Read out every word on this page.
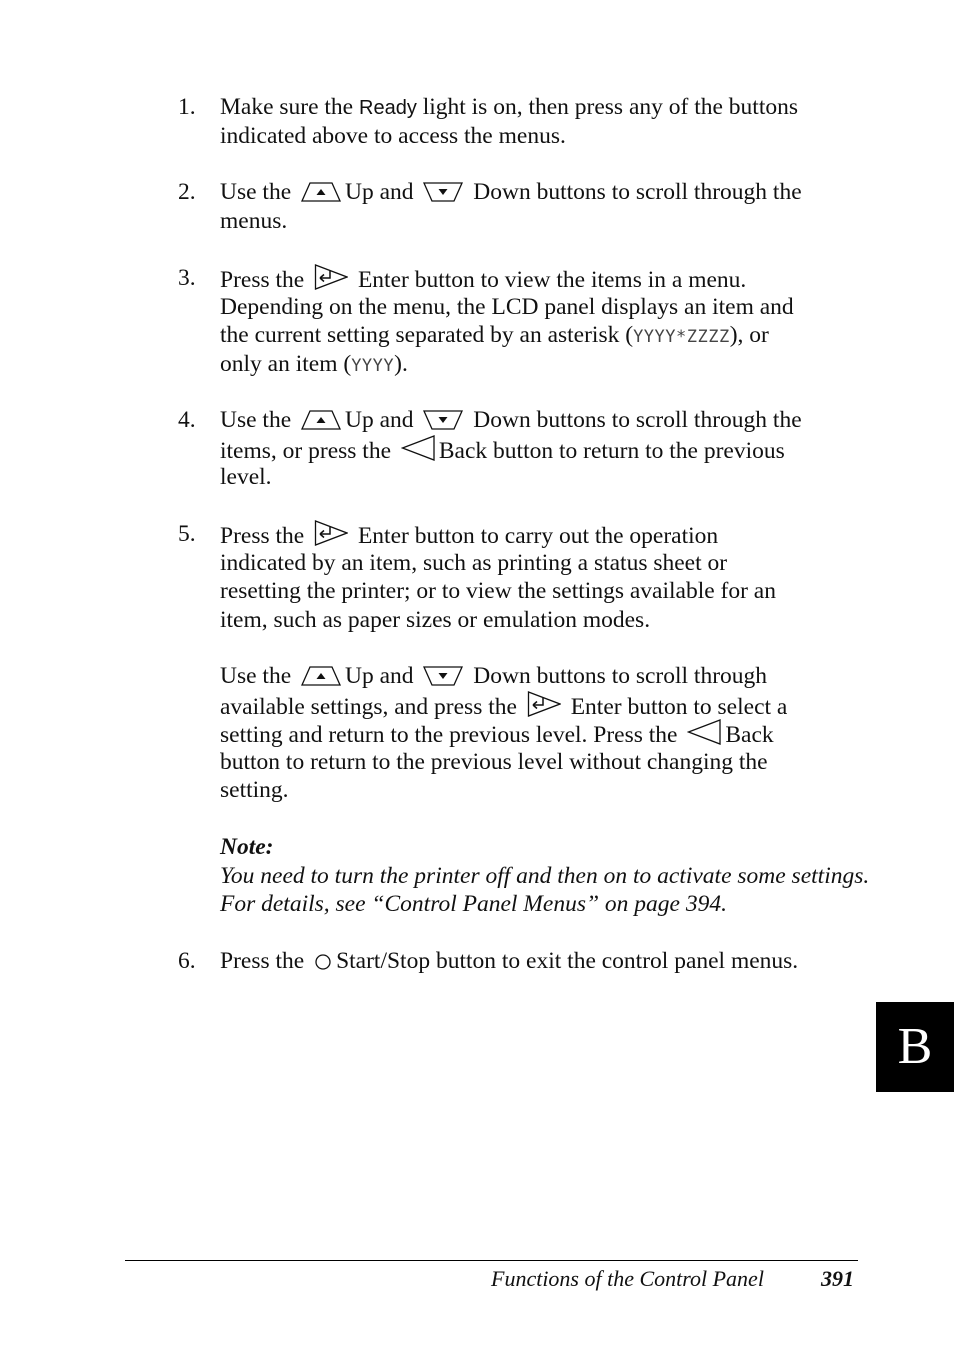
1. Make sure the Ready light is on, then press any of the buttons
indicated above to access the menus.
2. Use the Up and  Down buttons to scroll through the
menus.
3. Press the  Enter button to view the items in a menu.
Depending on the menu, the LCD panel displays an item and
the current setting separated by an asterisk (YYYY*ZZZZ), or
only an item (YYYY).
4. Use the Up and  Down buttons to scroll through the
items, or press the Back button to return to the previous
level.
5. Press the  Enter button to carry out the operation
indicated by an item, such as printing a status sheet or
resetting the printer; or to view the settings available for an
item, such as paper sizes or emulation modes.
Use the Up and  Down buttons to scroll through
available settings, and press the  Enter button to select a
setting and return to the previous level. Press the Back
button to return to the previous level without changing the
setting.
Note:
You need to turn the printer off and then on to activate some settings.
For details, see “Control Panel Menus” on page 394.
6. Press the Start/Stop button to exit the control panel menus.
B
Functions of the Control Panel	391
